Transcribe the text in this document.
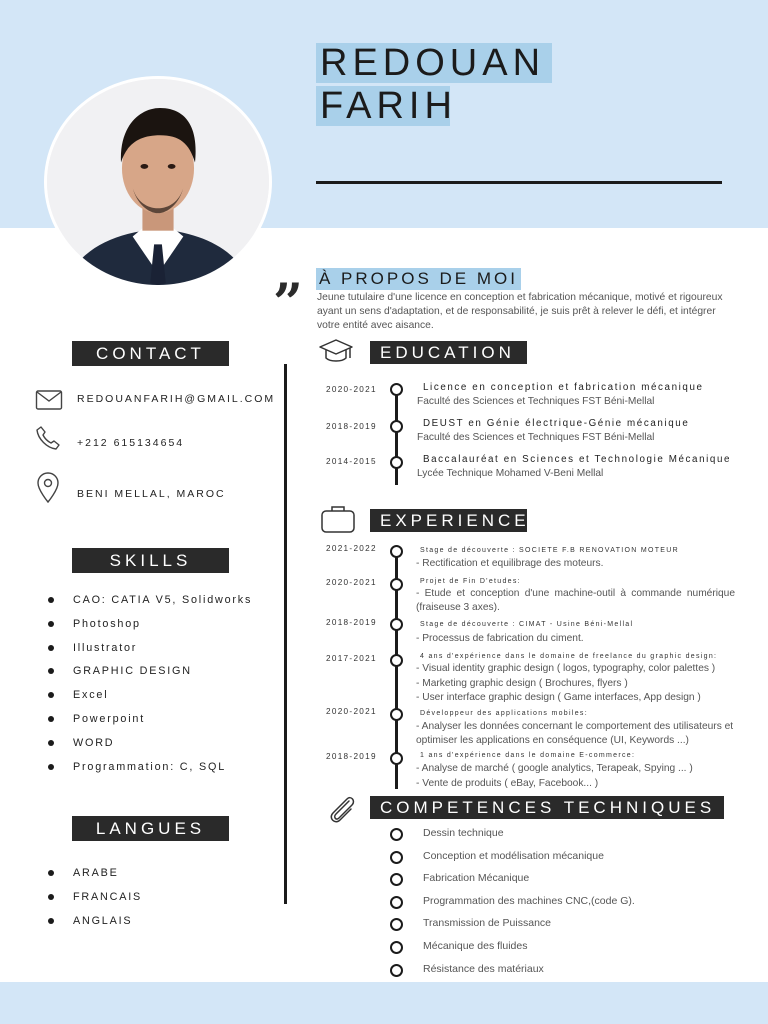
REDOUAN
FARIH
” À PROPOS DE MOI
Jeune tutulaire d'une licence en conception et fabrication mécanique, motivé et rigoureux ayant un sens d'adaptation, et de responsabilité, je suis prêt à relever le défi, et intégrer votre entité avec aisance.
CONTACT
REDOUANFARIH@GMAIL.COM
+212 615134654
BENI MELLAL, MAROC
SKILLS
CAO: CATIA V5, Solidworks
Photoshop
Illustrator
GRAPHIC DESIGN
Excel
Powerpoint
WORD
Programmation: C, SQL
LANGUES
ARABE
FRANCAIS
ANGLAIS
EDUCATION
2020-2021	Licence en conception et fabrication mécanique
Faculté des Sciences et Techniques FST Béni-Mellal
2018-2019	DEUST en Génie électrique-Génie mécanique
Faculté des Sciences et Techniques FST Béni-Mellal
2014-2015	Baccalauréat en Sciences et Technologie Mécanique
Lycée Technique Mohamed V-Beni Mellal
EXPERIENCE
2021-2022	Stage de découverte : SOCIETE F.B RENOVATION MOTEUR
- Rectification et equilibrage des moteurs.
2020-2021	Projet de Fin D'etudes:
- Etude et conception d'une machine-outil à commande numérique (fraiseuse 3 axes).
2018-2019	Stage de découverte : CIMAT - Usine Béni-Mellal
- Processus de fabrication du ciment.
2017-2021	4 ans d'expérience dans le domaine de freelance du graphic design:
- Visual identity graphic design ( logos, typography, color palettes )
- Marketing graphic design ( Brochures, flyers )
- User interface graphic design ( Game interfaces, App design )
2020-2021	Développeur des applications mobiles:
- Analyser les données concernant le comportement des utilisateurs et optimiser les applications en conséquence (UI, Keywords ...)
2018-2019	1 ans d'expérience dans le domaine E-commerce:
- Analyse de marché ( google analytics, Terapeak, Spying ... )
- Vente de produits ( eBay, Facebook... )
COMPETENCES TECHNIQUES
Dessin technique
Conception et modélisation mécanique
Fabrication Mécanique
Programmation des machines CNC,(code G).
Transmission de Puissance
Mécanique des fluides
Résistance des matériaux
